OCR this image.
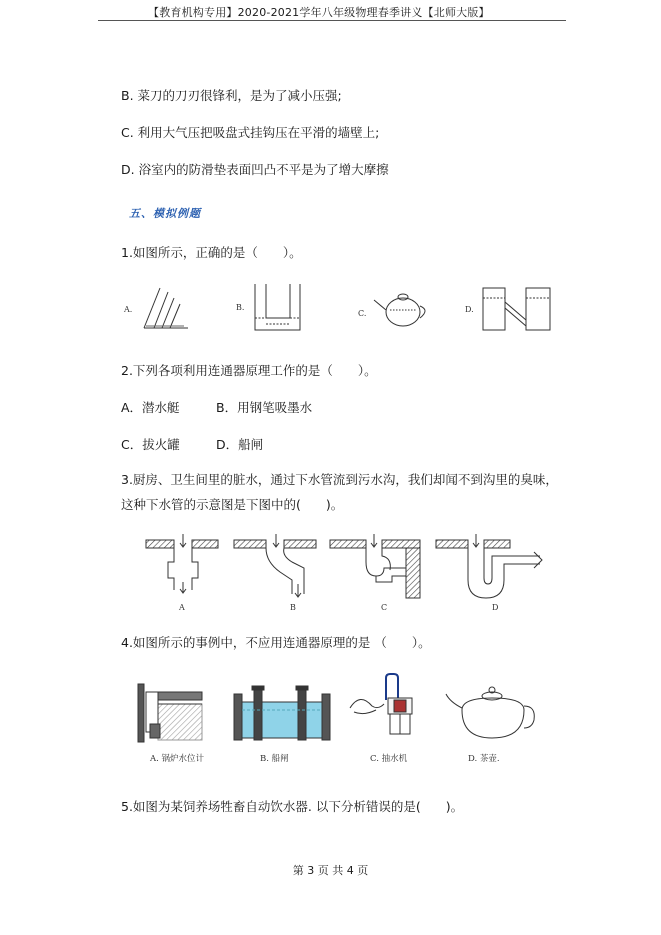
【教育机构专用】2020-2021学年八年级物理春季讲义【北师大版】
B. 菜刀的刀刃很锋利，是为了减小压强;
C. 利用大气压把吸盘式挂钩压在平滑的墙壁上;
D. 浴室内的防滑垫表面凹凸不平是为了增大摩擦
五、模拟例题
1.如图所示，正确的是（　　）。
A.	B.
C.	D.
2.下列各项利用连通器原理工作的是（　　）。
A．潜水艇	B．用钢笔吸墨水
C．拔火罐	D．船闸
3.厨房、卫生间里的脏水，通过下水管流到污水沟，我们却闻不到沟里的臭味，这种下水管的示意图是下图中的(　　)。
A	B	C	D
4.如图所示的事例中，不应用连通器原理的是 （　　）。
A. 锅炉水位计	B. 船闸	C. 抽水机	D. 茶壶.
5.如图为某饲养场牲畜自动饮水器. 以下分析错误的是(　　)。
第 3 页 共 4 页
